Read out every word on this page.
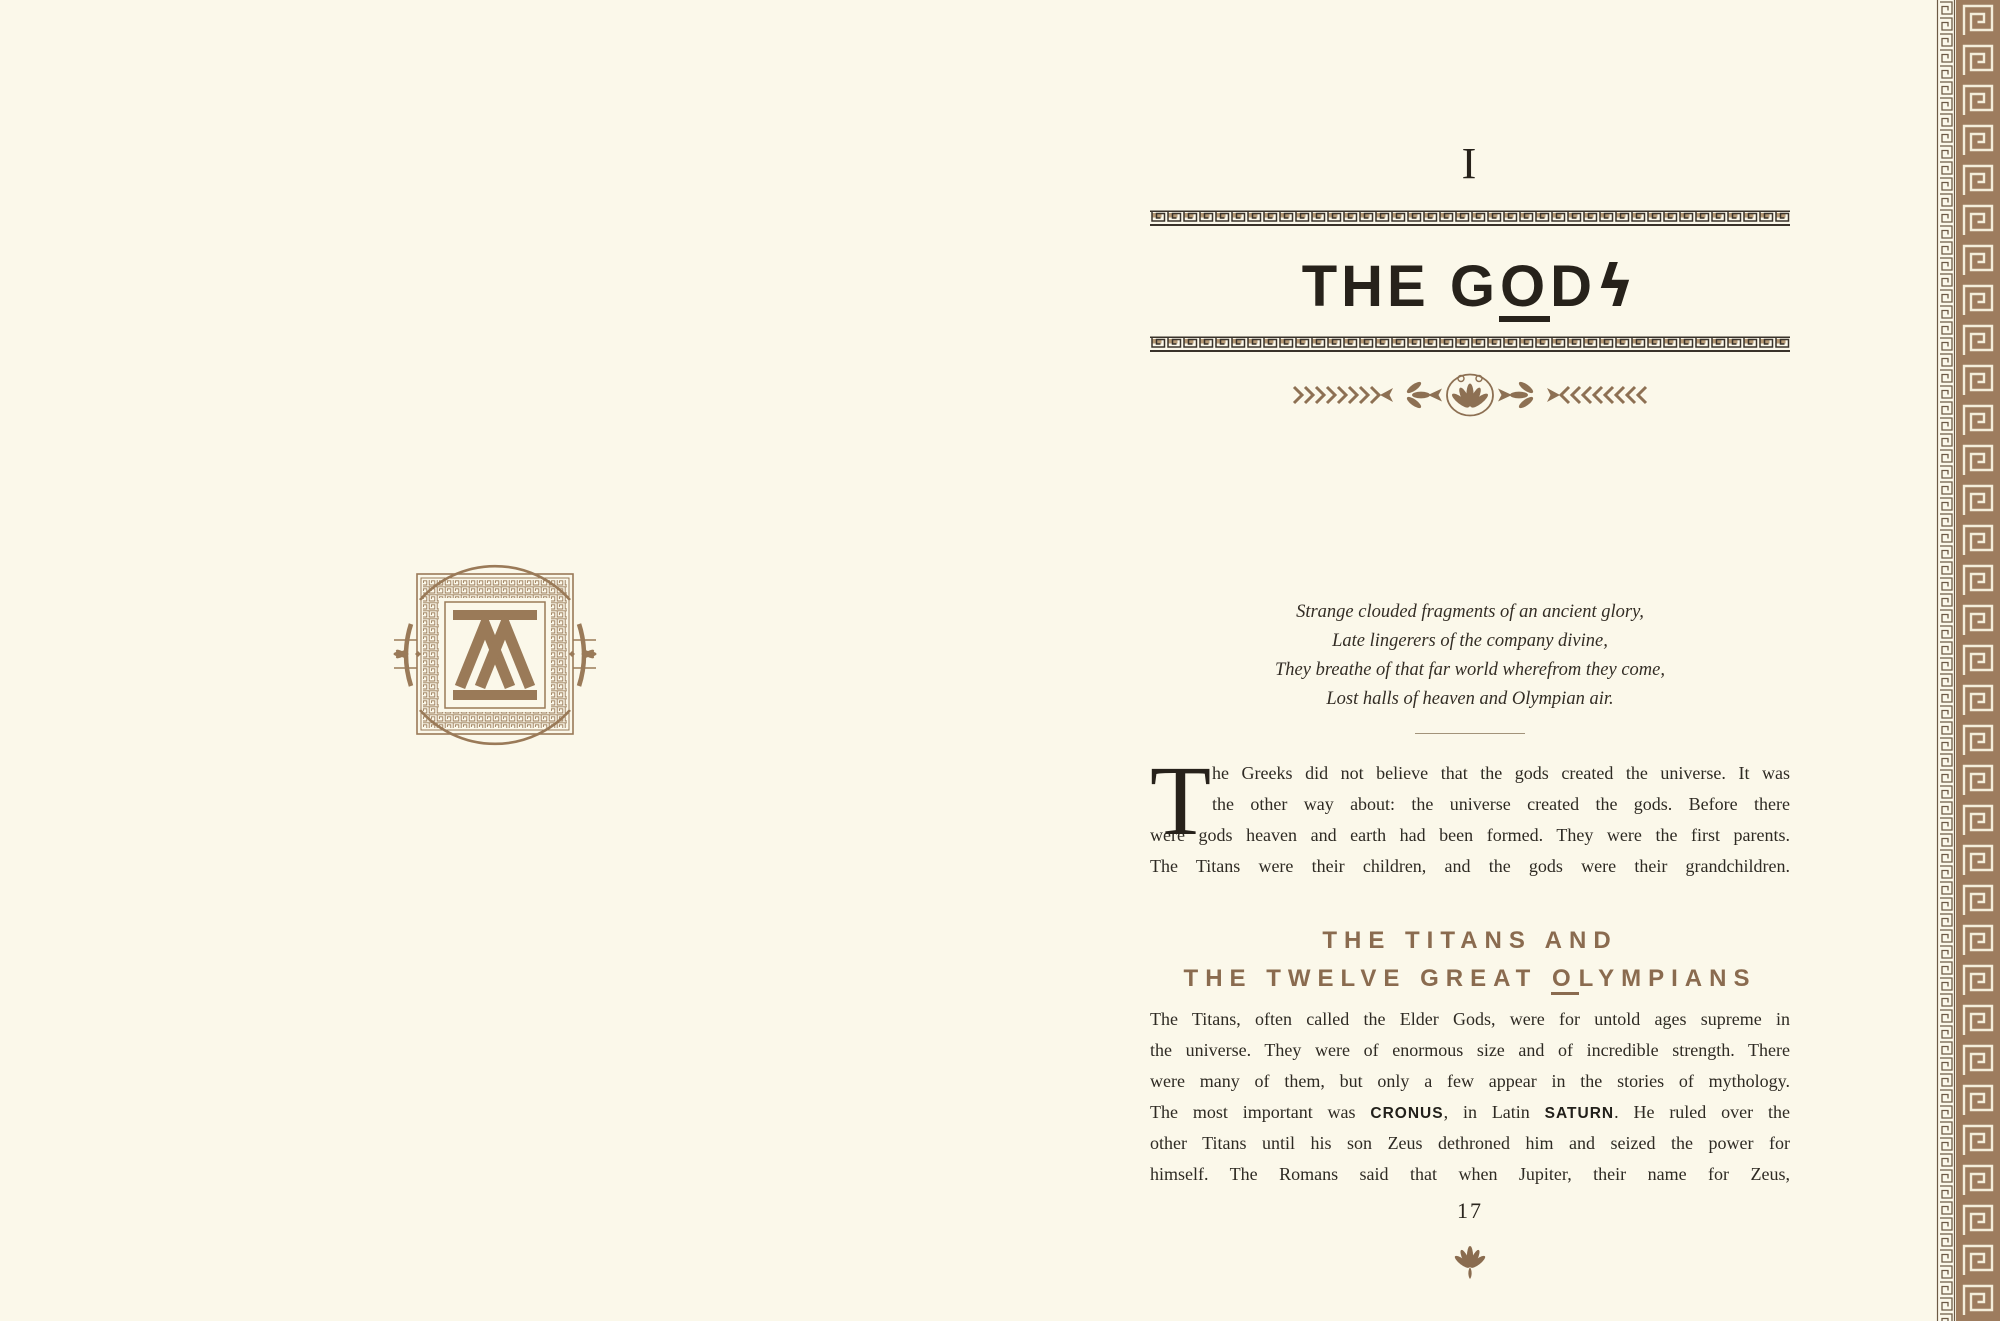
I
THE GODϟ
Strange clouded fragments of an ancient glory,
Late lingerers of the company divine,
They breathe of that far world wherefrom they come,
Lost halls of heaven and Olympian air.
T he Greeks did not believe that the gods created the universe. It was
the other way about: the universe created the gods. Before there
were gods heaven and earth had been formed. They were the first parents.
The Titans were their children, and the gods were their grandchildren.
THE TITANS AND
THE TWELVE GREAT OLYMPIANS
The Titans, often called the Elder Gods, were for untold ages supreme in
the universe. They were of enormous size and of incredible strength. There
were many of them, but only a few appear in the stories of mythology.
The most important was CRONUS, in Latin SATURN. He ruled over the
other Titans until his son Zeus dethroned him and seized the power for
himself. The Romans said that when Jupiter, their name for Zeus,
17
